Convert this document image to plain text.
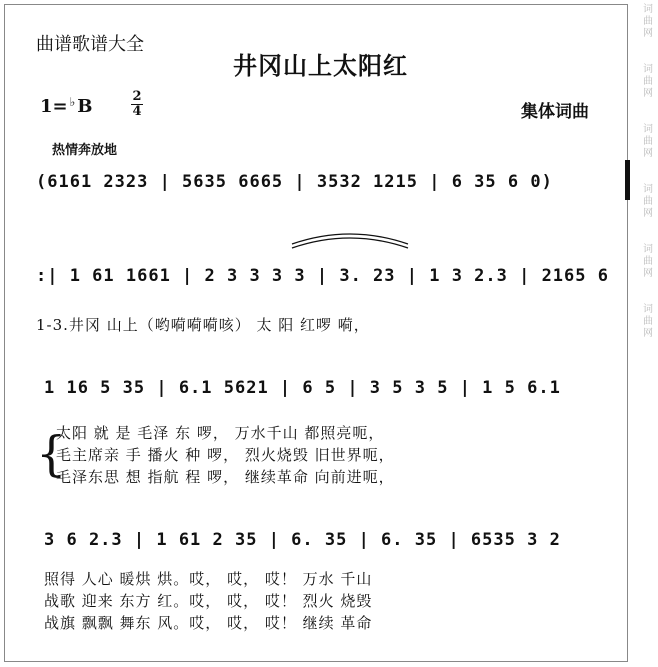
曲谱歌谱大全
井冈山上太阳红
1= ♭ B	2
4	集体词曲
热情奔放地
(6161 2323 | 5635 6665 | 3532 1215 | 6 35 6 0)
:| 1 61 1661 | 2 3 3 3 3 | 3. 23 | 1 3 2.3 | 2165 6
1-3.井冈 山上（哟嗬嗬嗬咳） 太 阳 红啰 嗬，
1 16 5 35 | 6.1 5621 | 6 5 | 3 5 3 5 | 1 5 6.1
{
太阳 就 是 毛泽 东 啰， 万水千山 都照亮呃，
毛主席亲 手 播火 种 啰， 烈火烧毁 旧世界呃，
毛泽东思 想 指航 程 啰， 继续革命 向前进呃，
3 6 2.3 | 1 61 2 35 | 6. 35 | 6. 35 | 6535 3 2
照得 人心 暖烘 烘。哎， 哎， 哎！ 万水 千山
战歌 迎来 东方 红。哎， 哎， 哎！ 烈火 烧毁
战旗 飘飘 舞东 风。哎， 哎， 哎！ 继续 革命
词
曲
网
词
曲
网
词
曲
网
词
曲
网
词
曲
网
词
曲
网
